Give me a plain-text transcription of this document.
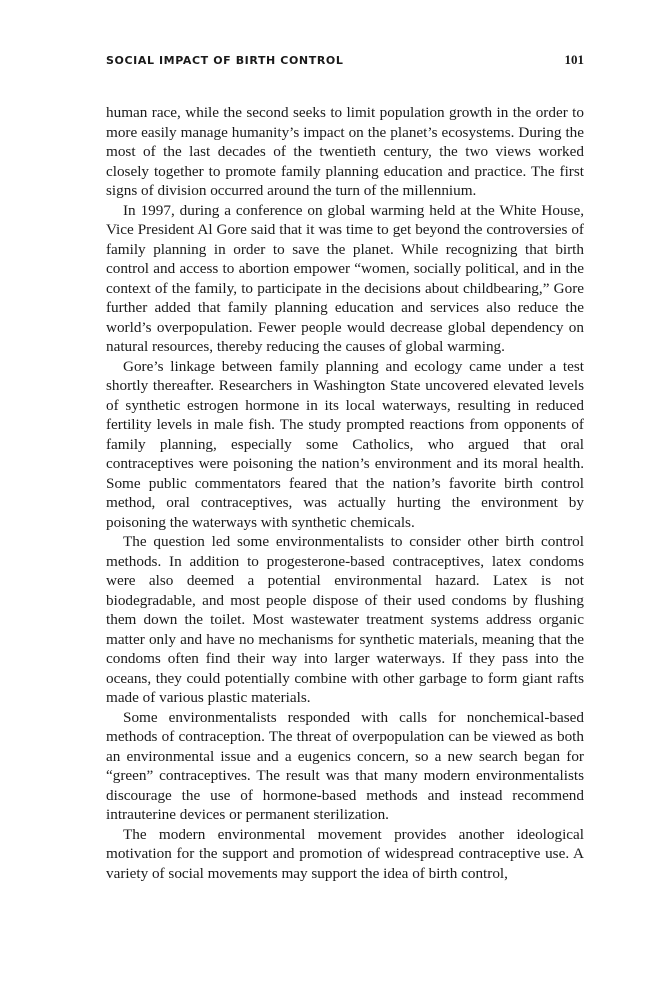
SOCIAL IMPACT OF BIRTH CONTROL	101

human race, while the second seeks to limit population growth in the order to more easily manage humanity’s impact on the planet’s ecosystems. During the most of the last decades of the twentieth century, the two views worked closely together to promote family planning education and practice. The first signs of division occurred around the turn of the millennium.

In 1997, during a conference on global warming held at the White House, Vice President Al Gore said that it was time to get beyond the controversies of family planning in order to save the planet. While recognizing that birth control and access to abortion empower “women, socially political, and in the context of the family, to participate in the decisions about childbearing,” Gore further added that family planning education and services also reduce the world’s overpopulation. Fewer people would decrease global dependency on natural resources, thereby reducing the causes of global warming.

Gore’s linkage between family planning and ecology came under a test shortly thereafter. Researchers in Washington State uncovered elevated levels of synthetic estrogen hormone in its local waterways, resulting in reduced fertility levels in male fish. The study prompted reactions from opponents of family planning, especially some Catholics, who argued that oral contraceptives were poisoning the nation’s environment and its moral health. Some public commentators feared that the nation’s favorite birth control method, oral contraceptives, was actually hurting the environment by poisoning the waterways with synthetic chemicals.

The question led some environmentalists to consider other birth control methods. In addition to progesterone-based contraceptives, latex condoms were also deemed a potential environmental hazard. Latex is not biodegradable, and most people dispose of their used condoms by flushing them down the toilet. Most wastewater treatment systems address organic matter only and have no mechanisms for synthetic materials, meaning that the condoms often find their way into larger waterways. If they pass into the oceans, they could potentially combine with other garbage to form giant rafts made of various plastic materials.

Some environmentalists responded with calls for nonchemical-based methods of contraception. The threat of overpopulation can be viewed as both an environmental issue and a eugenics concern, so a new search began for “green” contraceptives. The result was that many modern environmentalists discourage the use of hormone-based methods and instead recommend intrauterine devices or permanent sterilization.

The modern environmental movement provides another ideological motivation for the support and promotion of widespread contraceptive use. A variety of social movements may support the idea of birth control,
